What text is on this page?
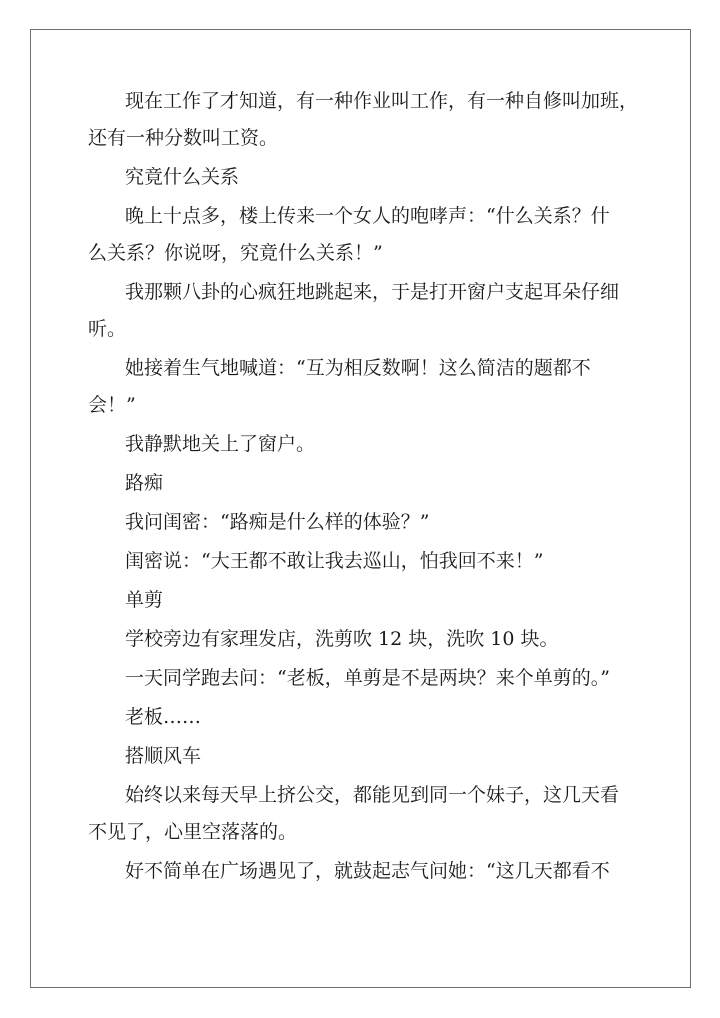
现在工作了才知道，有一种作业叫工作，有一种自修叫加班，

还有一种分数叫工资。

究竟什么关系

晚上十点多，楼上传来一个女人的咆哮声：“什么关系？什

么关系？你说呀，究竟什么关系！”

我那颗八卦的心疯狂地跳起来，于是打开窗户支起耳朵仔细

听。

她接着生气地喊道：“互为相反数啊！这么简洁的题都不

会！”

我静默地关上了窗户。

路痴

我问闺密：“路痴是什么样的体验？”

闺密说：“大王都不敢让我去巡山，怕我回不来！”

单剪

学校旁边有家理发店，洗剪吹 12 块，洗吹 10 块。

一天同学跑去问：“老板，单剪是不是两块？来个单剪的。”

老板……

搭顺风车

始终以来每天早上挤公交，都能见到同一个妹子，这几天看

不见了，心里空落落的。

好不简单在广场遇见了，就鼓起志气问她：“这几天都看不
